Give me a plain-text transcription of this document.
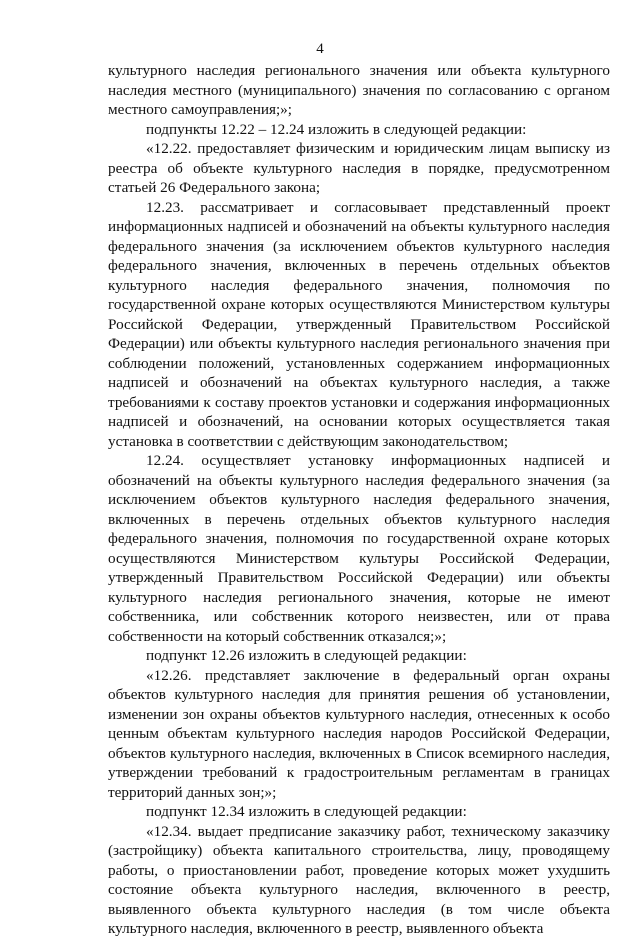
4

культурного наследия регионального значения или объекта культурного наследия местного (муниципального) значения по согласованию с органом местного самоуправления;»;

подпункты 12.22 – 12.24 изложить в следующей редакции:

«12.22. предоставляет физическим и юридическим лицам выписку из реестра об объекте культурного наследия в порядке, предусмотренном статьей 26 Федерального закона;

12.23. рассматривает и согласовывает представленный проект информационных надписей и обозначений на объекты культурного наследия федерального значения (за исключением объектов культурного наследия федерального значения, включенных в перечень отдельных объектов культурного наследия федерального значения, полномочия по государственной охране которых осуществляются Министерством культуры Российской Федерации, утвержденный Правительством Российской Федерации) или объекты культурного наследия регионального значения при соблюдении положений, установленных содержанием информационных надписей и обозначений на объектах культурного наследия, а также требованиями к составу проектов установки и содержания информационных надписей и обозначений, на основании которых осуществляется такая установка в соответствии с действующим законодательством;

12.24. осуществляет установку информационных надписей и обозначений на объекты культурного наследия федерального значения (за исключением объектов культурного наследия федерального значения, включенных в перечень отдельных объектов культурного наследия федерального значения, полномочия по государственной охране которых осуществляются Министерством культуры Российской Федерации, утвержденный Правительством Российской Федерации) или объекты культурного наследия регионального значения, которые не имеют собственника, или собственник которого неизвестен, или от права собственности на который собственник отказался;»;

подпункт 12.26 изложить в следующей редакции:

«12.26. представляет заключение в федеральный орган охраны объектов культурного наследия для принятия решения об установлении, изменении зон охраны объектов культурного наследия, отнесенных к особо ценным объектам культурного наследия народов Российской Федерации, объектов культурного наследия, включенных в Список всемирного наследия, утверждении требований к градостроительным регламентам в границах территорий данных зон;»;

подпункт 12.34 изложить в следующей редакции:

«12.34. выдает предписание заказчику работ, техническому заказчику (застройщику) объекта капитального строительства, лицу, проводящему работы, о приостановлении работ, проведение которых может ухудшить состояние объекта культурного наследия, включенного в реестр, выявленного объекта культурного наследия (в том числе объекта культурного наследия, включенного в реестр, выявленного объекта
